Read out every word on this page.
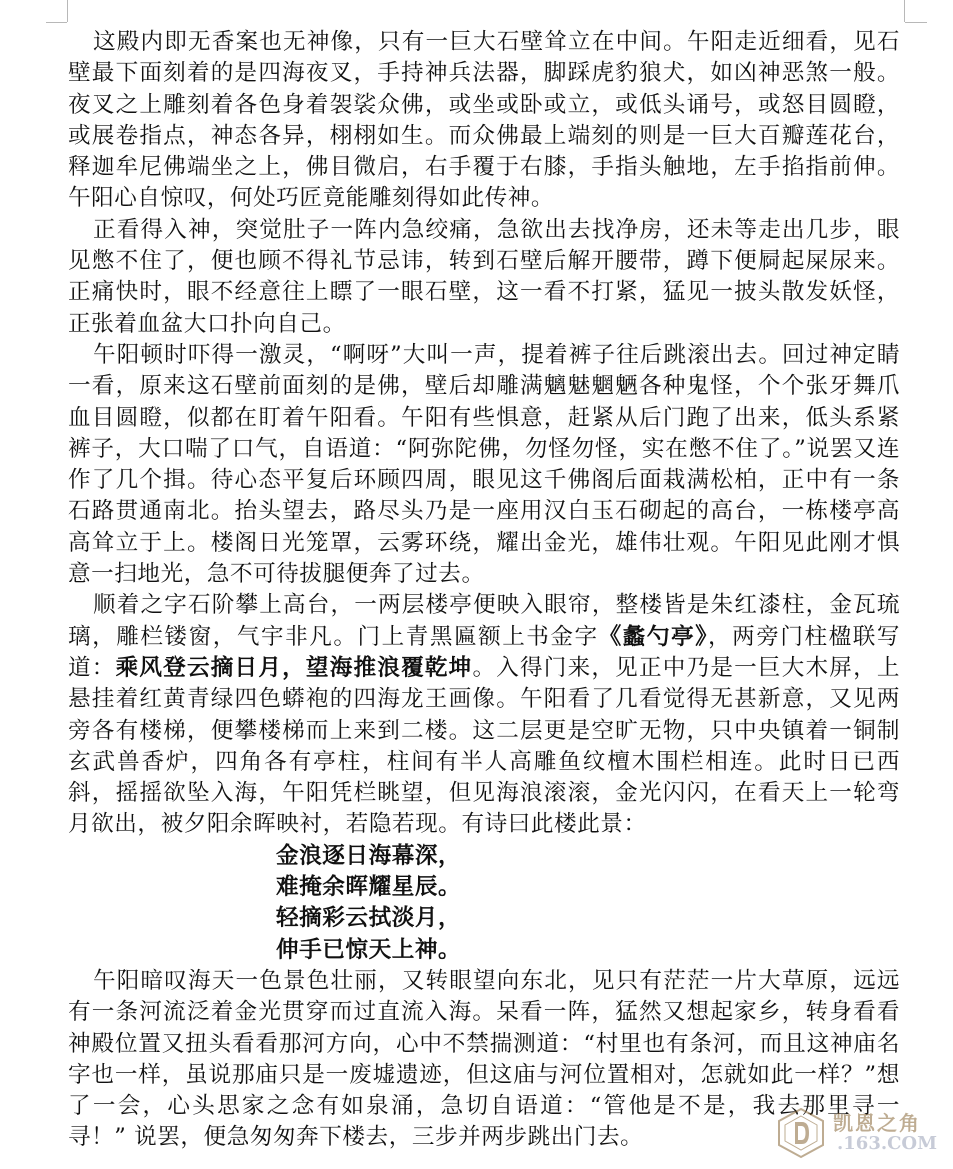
这殿内即无香案也无神像，只有一巨大石壁耸立在中间。午阳走近细看，见石壁最下面刻着的是四海夜叉，手持神兵法器，脚踩虎豹狼犬，如凶神恶煞一般。夜叉之上雕刻着各色身着袈裟众佛，或坐或卧或立，或低头诵号，或怒目圆瞪，或展卷指点，神态各异，栩栩如生。而众佛最上端刻的则是一巨大百瓣莲花台，释迦牟尼佛端坐之上，佛目微启，右手覆于右膝，手指头触地，左手掐指前伸。午阳心自惊叹，何处巧匠竟能雕刻得如此传神。

正看得入神，突觉肚子一阵内急绞痛，急欲出去找净房，还未等走出几步，眼见憋不住了，便也顾不得礼节忌讳，转到石壁后解开腰带，蹲下便屙起屎尿来。正痛快时，眼不经意往上瞟了一眼石壁，这一看不打紧，猛见一披头散发妖怪，正张着血盆大口扑向自己。

午阳顿时吓得一激灵，“啊呀”大叫一声，提着裤子往后跳滚出去。回过神定睛一看，原来这石壁前面刻的是佛，壁后却雕满魑魅魍魉各种鬼怪，个个张牙舞爪血目圆瞪，似都在盯着午阳看。午阳有些惧意，赶紧从后门跑了出来，低头系紧裤子，大口喘了口气，自语道：“阿弥陀佛，勿怪勿怪，实在憋不住了。”说罢又连作了几个揖。待心态平复后环顾四周，眼见这千佛阁后面栽满松柏，正中有一条石路贯通南北。抬头望去，路尽头乃是一座用汉白玉石砌起的高台，一栋楼亭高高耸立于上。楼阁日光笼罩，云雾环绕，耀出金光，雄伟壮观。午阳见此刚才惧意一扫地光，急不可待拔腿便奔了过去。

顺着之字石阶攀上高台，一两层楼亭便映入眼帘，整楼皆是朱红漆柱，金瓦琉璃，雕栏镂窗，气宇非凡。门上青黑匾额上书金字《蠡勺亭》，两旁门柱楹联写道：乘风登云摘日月，望海推浪覆乾坤。入得门来，见正中乃是一巨大木屏，上悬挂着红黄青绿四色蟒袍的四海龙王画像。午阳看了几看觉得无甚新意，又见两旁各有楼梯，便攀楼梯而上来到二楼。这二层更是空旷无物，只中央镇着一铜制玄武兽香炉，四角各有亭柱，柱间有半人高雕鱼纹檀木围栏相连。此时日已西斜，摇摇欲坠入海，午阳凭栏眺望，但见海浪滚滚，金光闪闪，在看天上一轮弯月欲出，被夕阳余晖映衬，若隐若现。有诗曰此楼此景：

金浪逐日海幕深，
难掩余晖耀星辰。
轻摘彩云拭淡月，
伸手已惊天上神。

午阳暗叹海天一色景色壮丽，又转眼望向东北，见只有茫茫一片大草原，远远有一条河流泛着金光贯穿而过直流入海。呆看一阵，猛然又想起家乡，转身看看神殿位置又扭头看看那河方向，心中不禁揣测道：“村里也有条河，而且这神庙名字也一样，虽说那庙只是一废墟遗迹，但这庙与河位置相对，怎就如此一样？”想了一会，心头思家之念有如泉涌，急切自语道：“管他是不是，我去那里寻一寻！” 说罢，便急匆匆奔下楼去，三步并两步跳出门去。

凯恩之角
.163.COM
